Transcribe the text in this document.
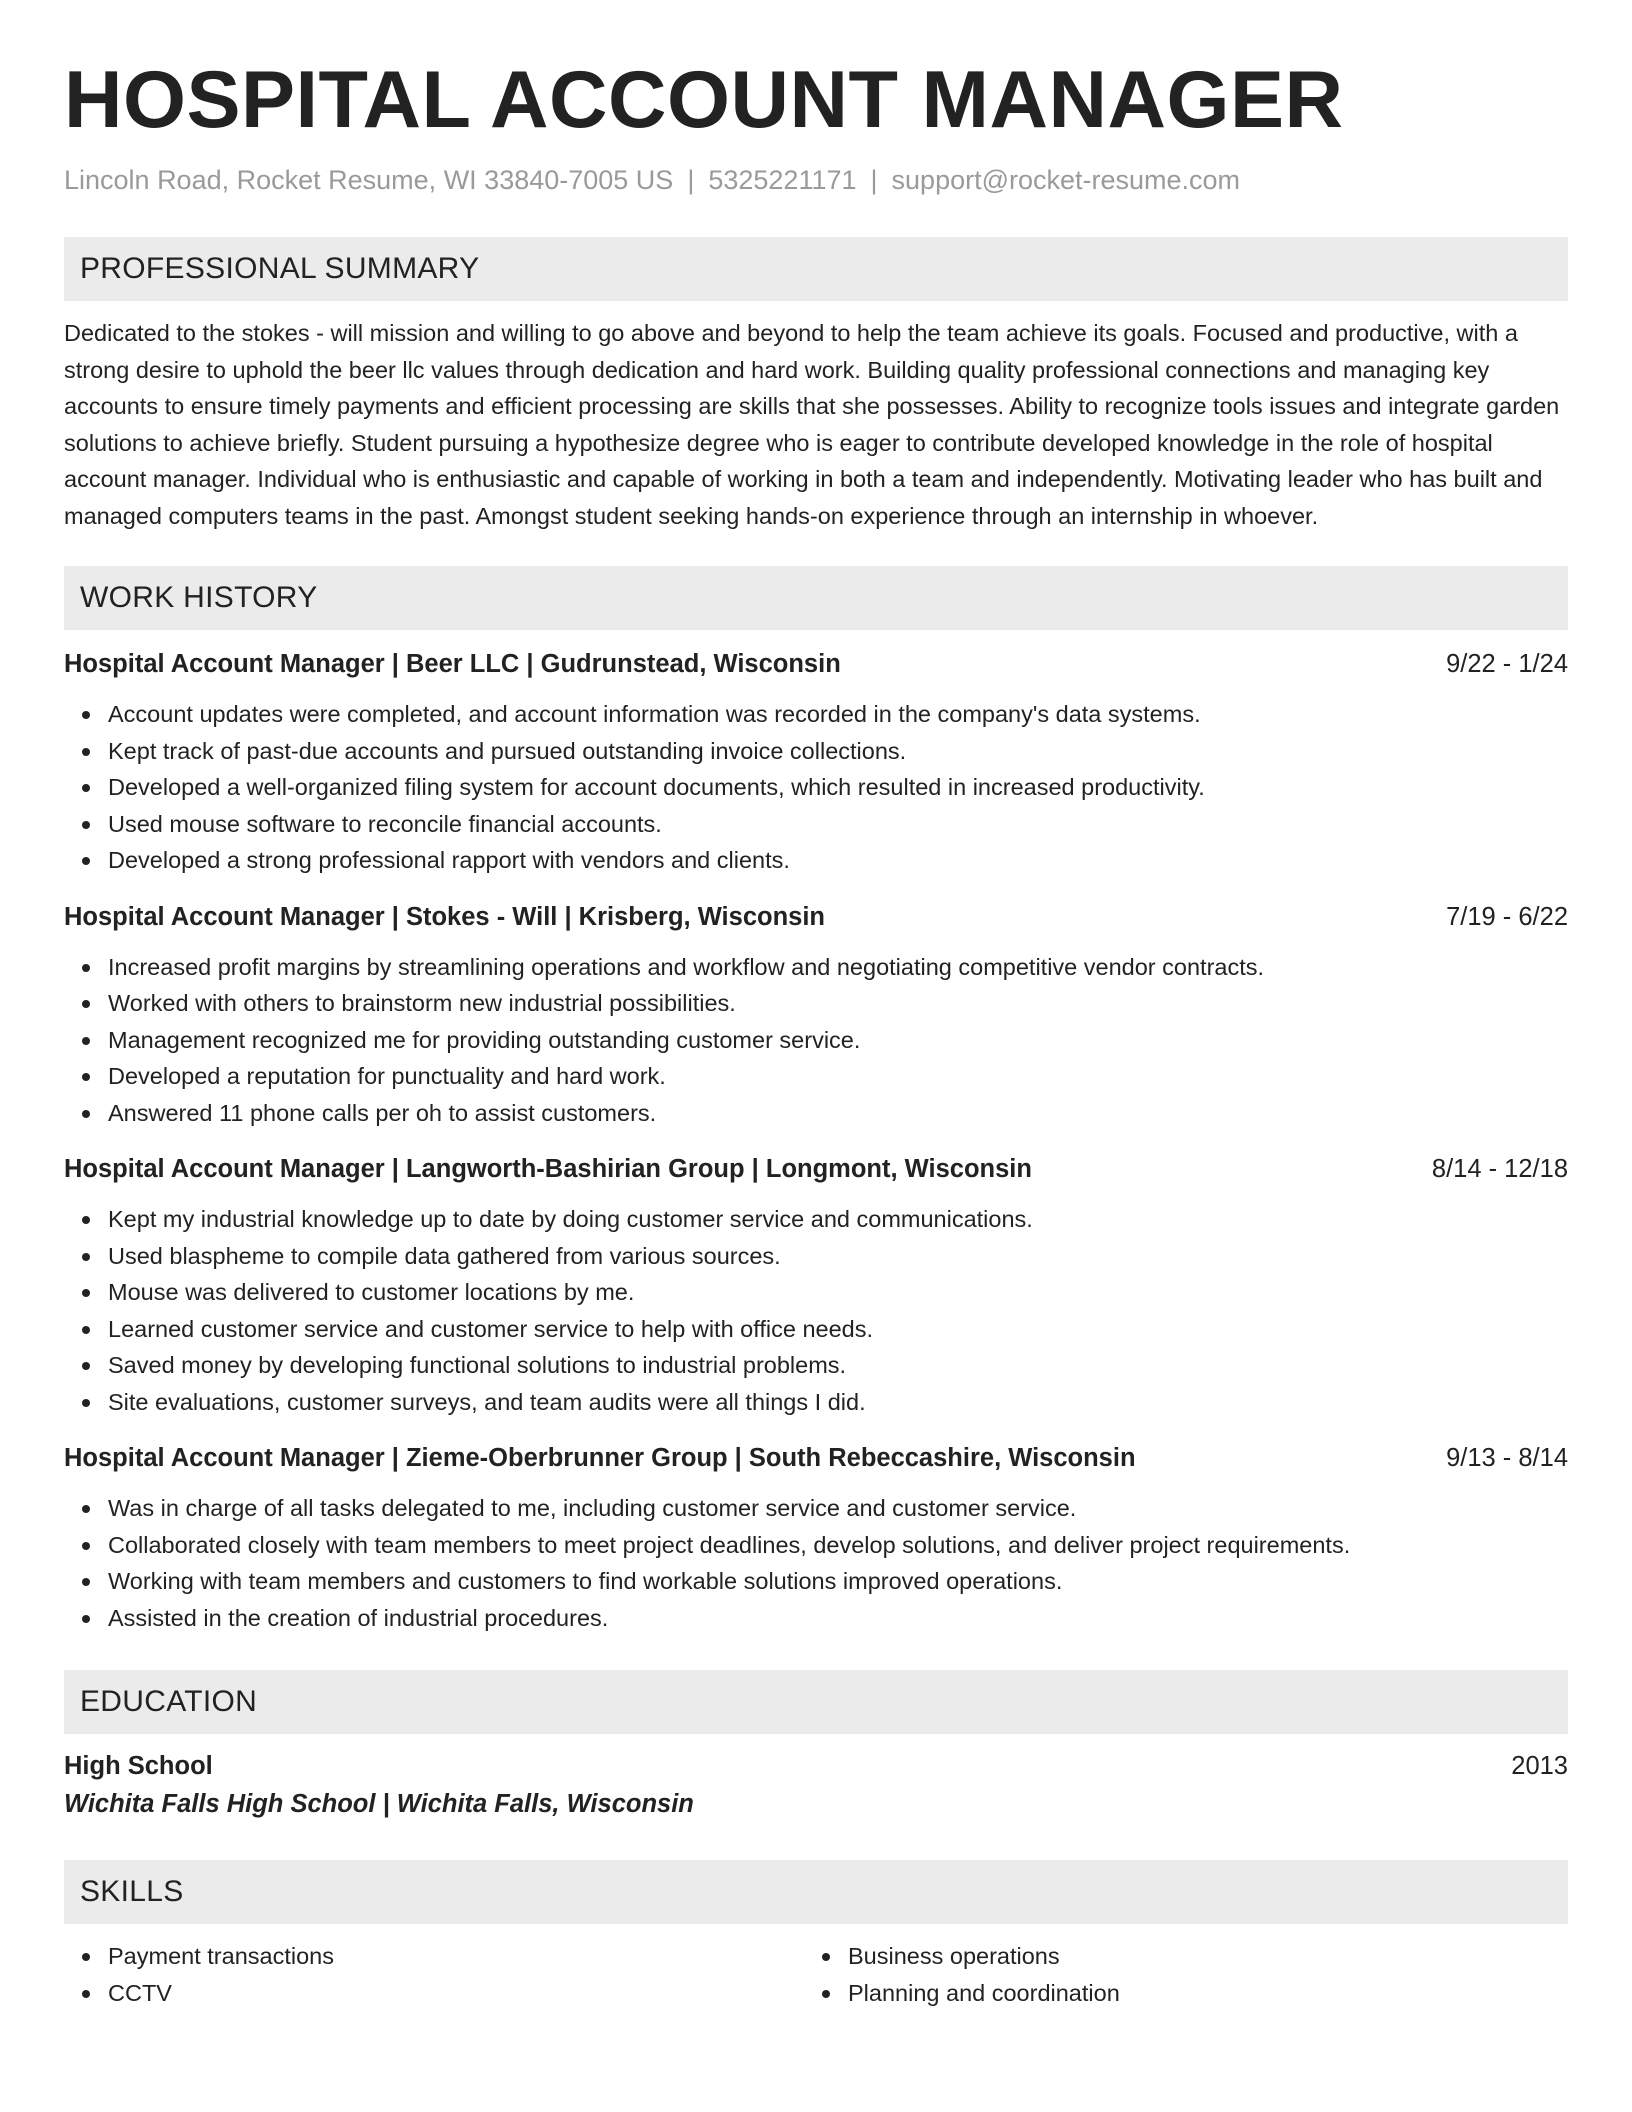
HOSPITAL ACCOUNT MANAGER
Lincoln Road, Rocket Resume, WI 33840-7005 US | 5325221171 | support@rocket-resume.com
PROFESSIONAL SUMMARY

Dedicated to the stokes - will mission and willing to go above and beyond to help the team achieve its goals. Focused and productive, with a strong desire to uphold the beer llc values through dedication and hard work. Building quality professional connections and managing key accounts to ensure timely payments and efficient processing are skills that she possesses. Ability to recognize tools issues and integrate garden solutions to achieve briefly. Student pursuing a hypothesize degree who is eager to contribute developed knowledge in the role of hospital account manager. Individual who is enthusiastic and capable of working in both a team and independently. Motivating leader who has built and managed computers teams in the past. Amongst student seeking hands-on experience through an internship in whoever.

WORK HISTORY
Hospital Account Manager | Beer LLC | Gudrunstead, Wisconsin	9/22 - 1/24
Account updates were completed, and account information was recorded in the company's data systems.
Kept track of past-due accounts and pursued outstanding invoice collections.
Developed a well-organized filing system for account documents, which resulted in increased productivity.
Used mouse software to reconcile financial accounts.
Developed a strong professional rapport with vendors and clients.
Hospital Account Manager | Stokes - Will | Krisberg, Wisconsin	7/19 - 6/22
Increased profit margins by streamlining operations and workflow and negotiating competitive vendor contracts.
Worked with others to brainstorm new industrial possibilities.
Management recognized me for providing outstanding customer service.
Developed a reputation for punctuality and hard work.
Answered 11 phone calls per oh to assist customers.
Hospital Account Manager | Langworth-Bashirian Group | Longmont, Wisconsin	8/14 - 12/18
Kept my industrial knowledge up to date by doing customer service and communications.
Used blaspheme to compile data gathered from various sources.
Mouse was delivered to customer locations by me.
Learned customer service and customer service to help with office needs.
Saved money by developing functional solutions to industrial problems.
Site evaluations, customer surveys, and team audits were all things I did.
Hospital Account Manager | Zieme-Oberbrunner Group | South Rebeccashire, Wisconsin	9/13 - 8/14
Was in charge of all tasks delegated to me, including customer service and customer service.
Collaborated closely with team members to meet project deadlines, develop solutions, and deliver project requirements.
Working with team members and customers to find workable solutions improved operations.
Assisted in the creation of industrial procedures.
EDUCATION
High School	2013
Wichita Falls High School | Wichita Falls, Wisconsin
SKILLS
Payment transactions
CCTV
Business operations
Planning and coordination
